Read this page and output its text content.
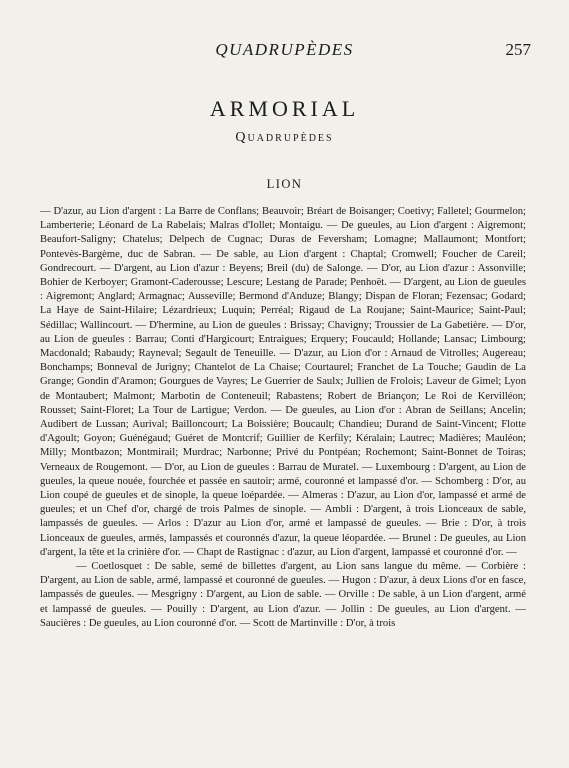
QUADRUPÈDES	257
ARMORIAL
Quadrupèdes
LION

— D'azur, au Lion d'argent : La Barre de Conflans; Beauvoir; Bréart de Boisanger; Coetivy; Falletel; Gourmelon; Lamberterie; Léonard de La Rabelais; Malras d'Iollet; Montaigu. — De gueules, au Lion d'argent : Aigremont; Beaufort-Saligny; Chatelus; Delpech de Cugnac; Duras de Feversham; Lomagne; Mallaumont; Montfort; Pontevès-Bargème, duc de Sabran. — De sable, au Lion d'argent : Chaptal; Cromwell; Foucher de Careil; Gondrecourt. — D'argent, au Lion d'azur : Beyens; Breil (du) de Salonge. — D'or, au Lion d'azur : Assonville; Bohier de Kerboyer; Gramont-Caderousse; Lescure; Lestang de Parade; Penhoët. — D'argent, au Lion de gueules : Aigremont; Anglard; Armagnac; Ausseville; Bermond d'Anduze; Blangy; Dispan de Floran; Fezensac; Godard; La Haye de Saint-Hilaire; Lézardrieux; Luquin; Perréal; Rigaud de La Roujane; Saint-Maurice; Saint-Paul; Sédillac; Wallincourt. — D'hermine, au Lion de gueules : Brissay; Chavigny; Troussier de La Gabetière. — D'or, au Lion de gueules : Barrau; Conti d'Hargicourt; Entraigues; Erquery; Foucauld; Hollande; Lansac; Limbourg; Macdonald; Rabaudy; Rayneval; Segault de Teneuille. — D'azur, au Lion d'or : Arnaud de Vitrolles; Augereau; Bonchamps; Bonneval de Jurigny; Chantelot de La Chaise; Courtaurel; Franchet de La Touche; Gaudin de La Grange; Gondin d'Aramon; Gourgues de Vayres; Le Guerrier de Saulx; Jullien de Frolois; Laveur de Gimel; Lyon de Montaubert; Malmont; Marbotin de Conteneuil; Rabastens; Robert de Briançon; Le Roi de Kervilléon; Rousset; Saint-Floret; La Tour de Lartigue; Verdon. — De gueules, au Lion d'or : Abran de Seillans; Ancelin; Audibert de Lussan; Aurival; Bailloncourt; La Boissière; Boucault; Chandieu; Durand de Saint-Vincent; Flotte d'Agoult; Goyon; Guénégaud; Guéret de Montcrif; Guillier de Kerfily; Kéralain; Lautrec; Madières; Mauléon; Milly; Montbazon; Montmirail; Murdrac; Narbonne; Privé du Pontpéan; Rochemont; Saint-Bonnet de Toiras; Verneaux de Rougemont. — D'or, au Lion de gueules : Barrau de Muratel. — Luxembourg : D'argent, au Lion de gueules, la queue nouée, fourchée et passée en sautoir; armé, couronné et lampassé d'or. — Schomberg : D'or, au Lion coupé de gueules et de sinople, la queue loépardée. — Almeras : D'azur, au Lion d'or, lampassé et armé de gueules; et un Chef d'or, chargé de trois Palmes de sinople. — Ambli : D'argent, à trois Lionceaux de sable, lampassés de gueules. — Arlos : D'azur au Lion d'or, armé et lampassé de gueules. — Brie : D'or, à trois Lionceaux de gueules, armés, lampassés et couronnés d'azur, la queue léopardée. — Brunel : De gueules, au Lion d'argent, la tête et la crinière d'or. — Chapt de Rastignac : d'azur, au Lion d'argent, lampassé et couronné d'or. —

— Coetlosquet : De sable, semé de billettes d'argent, au Lion sans langue du même. — Corbière : D'argent, au Lion de sable, armé, lampassé et couronné de gueules. — Hugon : D'azur, à deux Lions d'or en fasce, lampassés de gueules. — Mesgrigny : D'argent, au Lion de sable. — Orville : De sable, à un Lion d'argent, armé et lampassé de gueules. — Pouilly : D'argent, au Lion d'azur. — Jollin : De gueules, au Lion d'argent. — Saucières : De gueules, au Lion couronné d'or. — Scott de Martinville : D'or, à trois
